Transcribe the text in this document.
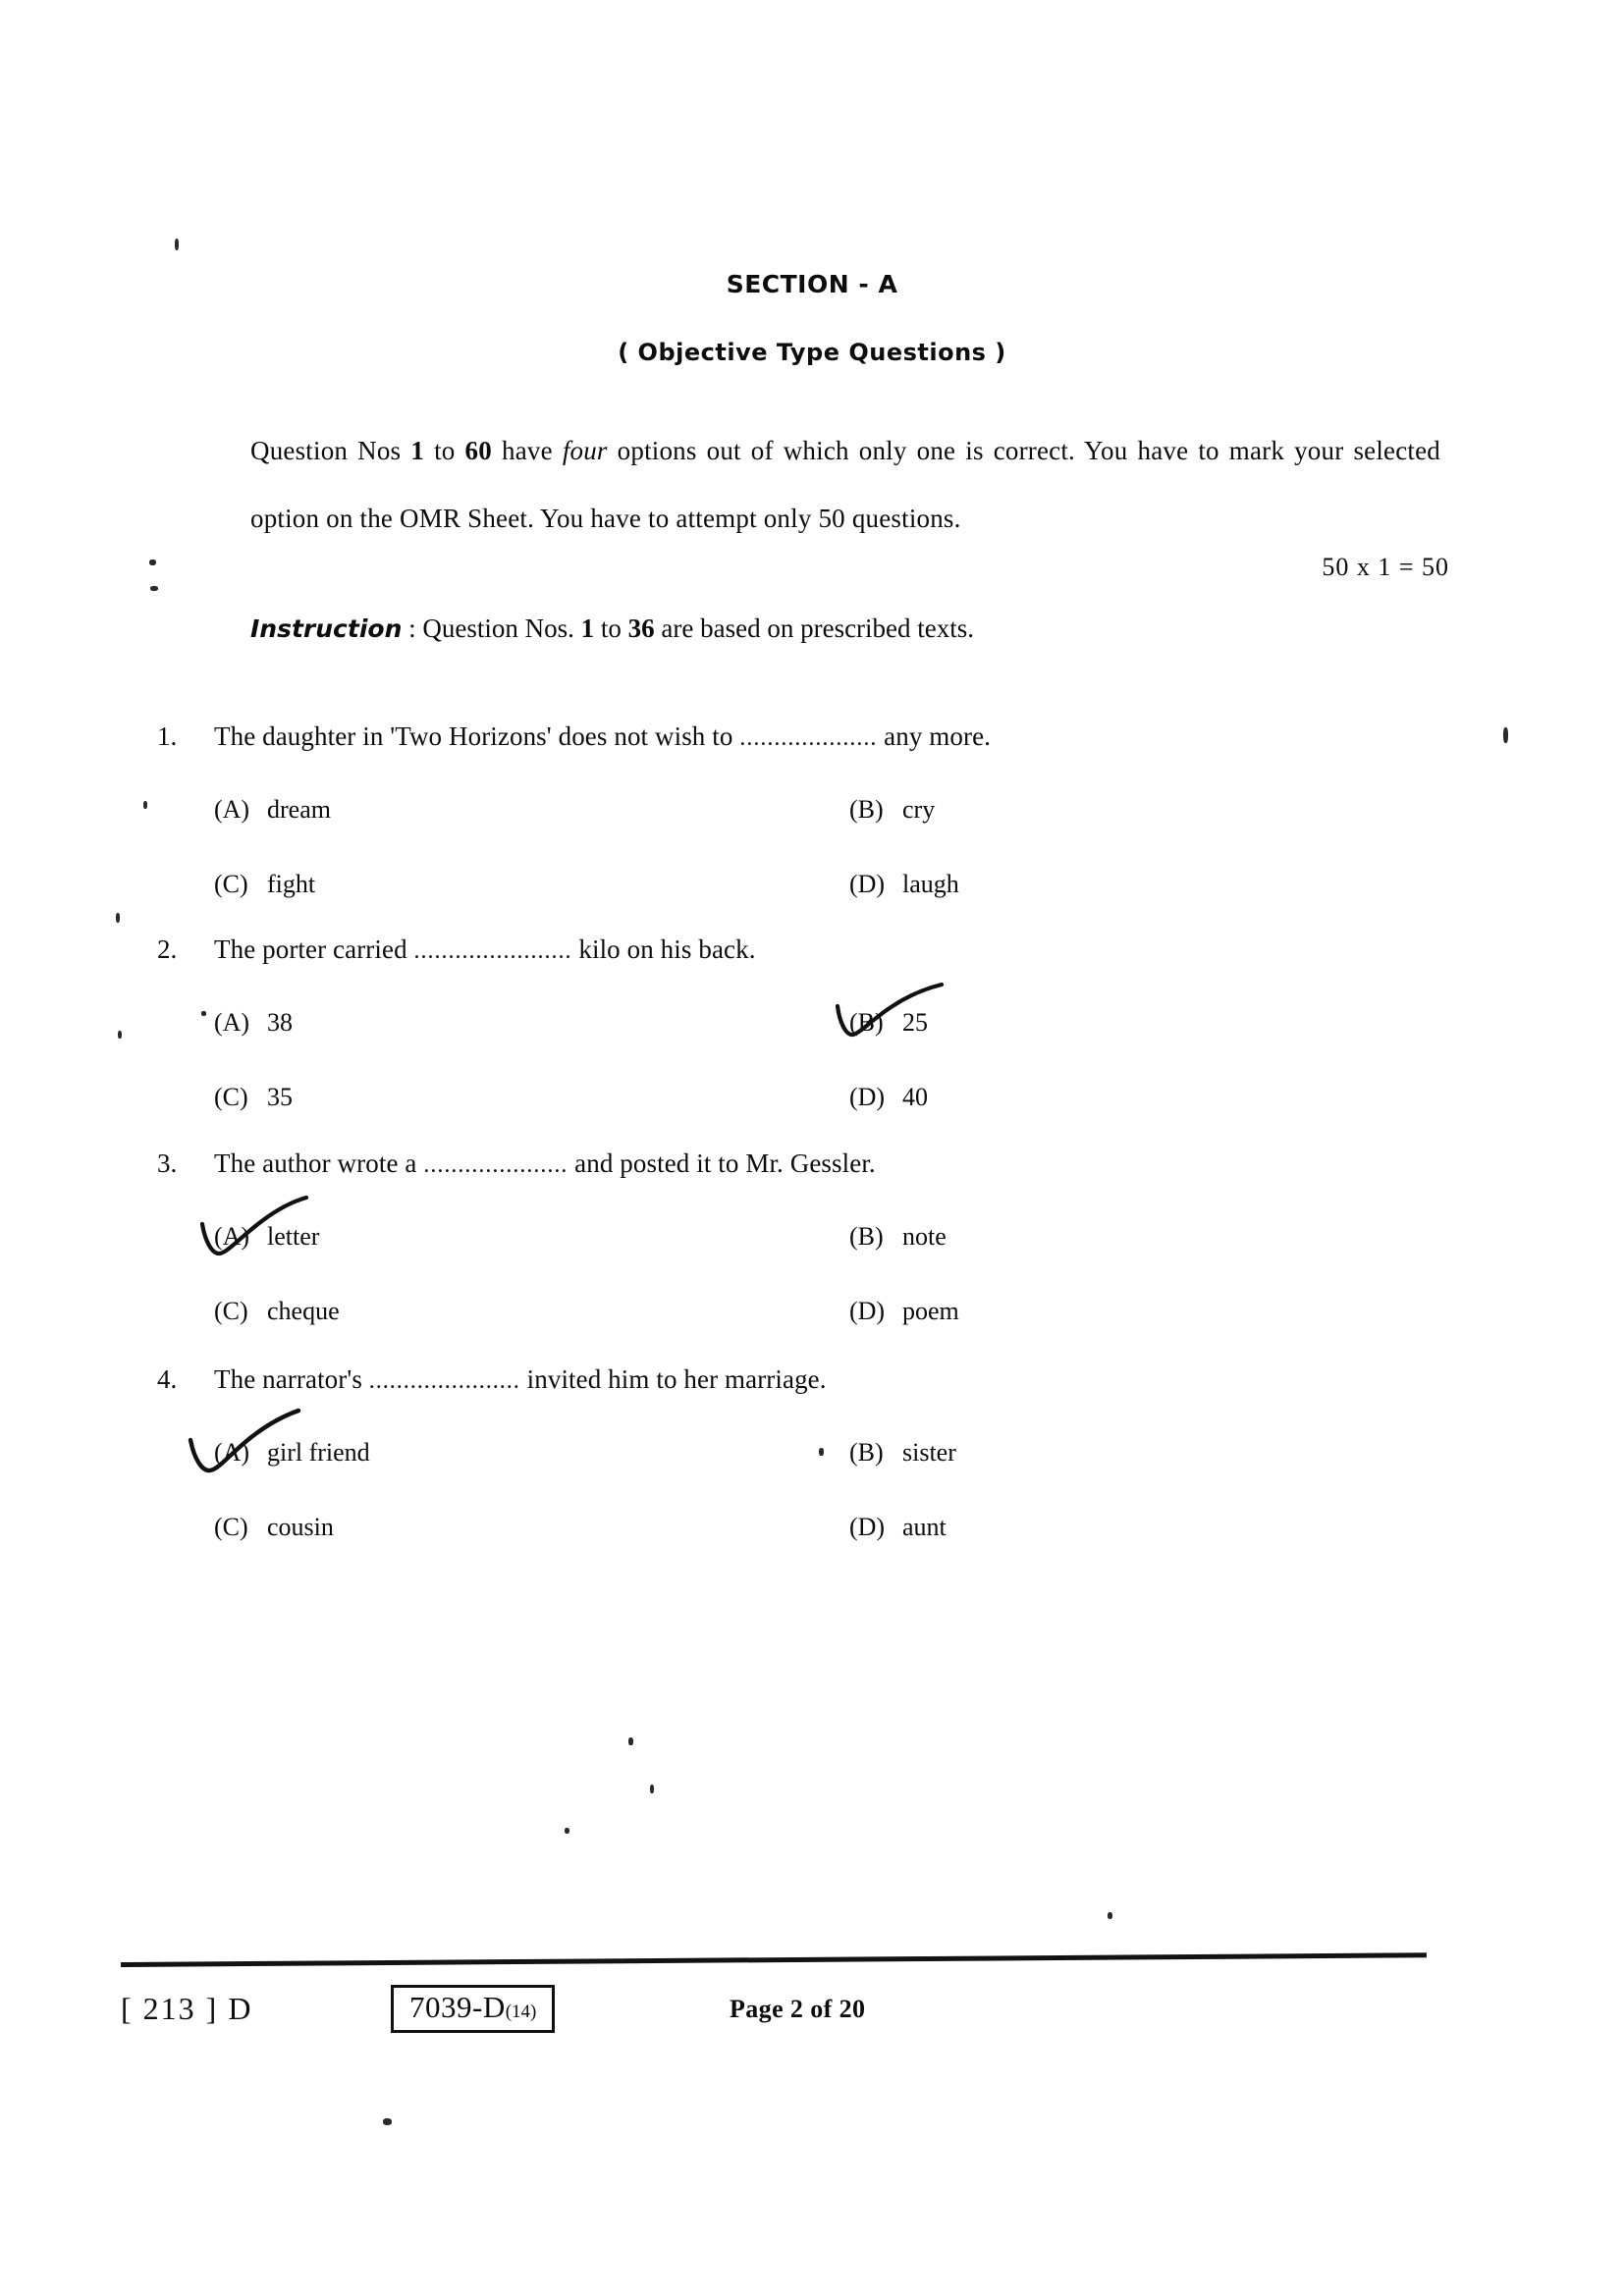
SECTION - A
( Objective Type Questions )
Question Nos 1 to 60 have four options out of which only one is correct. You have to mark your selected option on the OMR Sheet. You have to attempt only 50 questions.
50 x 1 = 50
Instruction : Question Nos. 1 to 36 are based on prescribed texts.
1.	The daughter in 'Two Horizons' does not wish to .................... any more.
(A) dream	(B) cry
(C) fight	(D) laugh
2.	The porter carried ....................... kilo on his back.
(A) 38	(B) 25
(C) 35	(D) 40
3.	The author wrote a ..................... and posted it to Mr. Gessler.
(A) letter	(B) note
(C) cheque	(D) poem
4.	The narrator's ...................... invited him to her marriage.
(A) girl friend	(B) sister
(C) cousin	(D) aunt
[ 213 ] D	7039-D(14)	Page 2 of 20
